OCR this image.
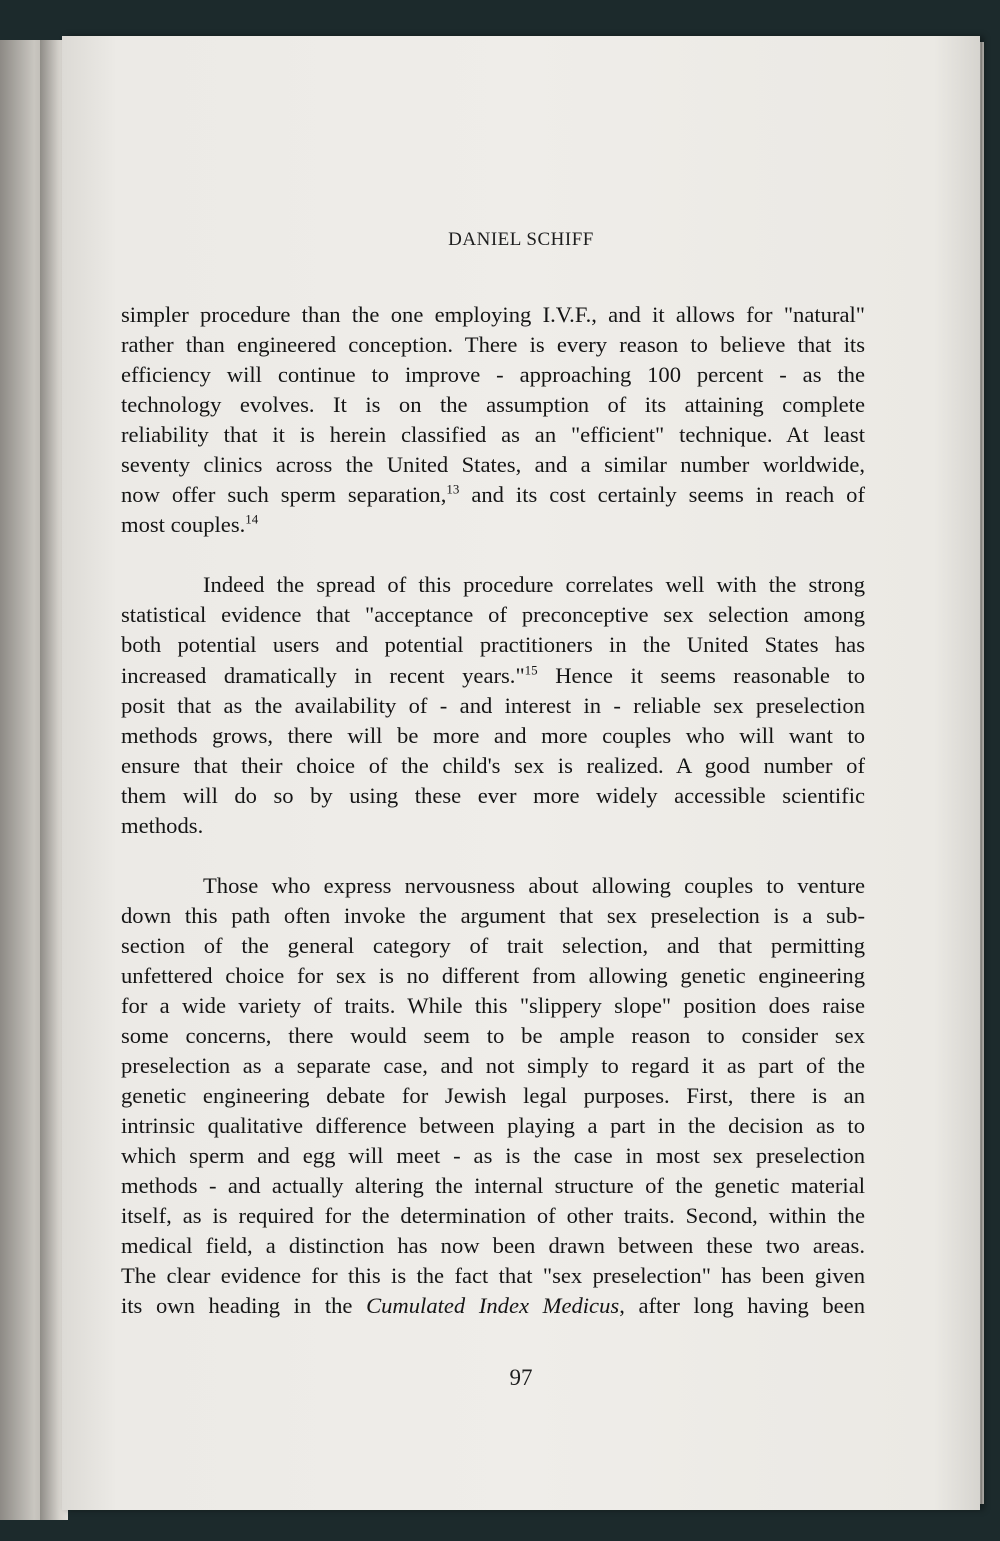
DANIEL SCHIFF

simpler procedure than the one employing I.V.F., and it allows for "natural"
rather than engineered conception. There is every reason to believe that its
efficiency will continue to improve - approaching 100 percent - as the
technology evolves. It is on the assumption of its attaining complete
reliability that it is herein classified as an "efficient" technique. At least
seventy clinics across the United States, and a similar number worldwide,
now offer such sperm separation,$^{13}$ and its cost certainly seems in reach of
most couples.$^{14}$

Indeed the spread of this procedure correlates well with the strong
statistical evidence that "acceptance of preconceptive sex selection among
both potential users and potential practitioners in the United States has
increased dramatically in recent years."$^{15}$ Hence it seems reasonable to
posit that as the availability of - and interest in - reliable sex preselection
methods grows, there will be more and more couples who will want to
ensure that their choice of the child's sex is realized. A good number of
them will do so by using these ever more widely accessible scientific
methods.

Those who express nervousness about allowing couples to venture
down this path often invoke the argument that sex preselection is a sub-
section of the general category of trait selection, and that permitting
unfettered choice for sex is no different from allowing genetic engineering
for a wide variety of traits. While this "slippery slope" position does raise
some concerns, there would seem to be ample reason to consider sex
preselection as a separate case, and not simply to regard it as part of the
genetic engineering debate for Jewish legal purposes. First, there is an
intrinsic qualitative difference between playing a part in the decision as to
which sperm and egg will meet - as is the case in most sex preselection
methods - and actually altering the internal structure of the genetic material
itself, as is required for the determination of other traits. Second, within the
medical field, a distinction has now been drawn between these two areas.
The clear evidence for this is the fact that "sex preselection" has been given
its own heading in the Cumulated Index Medicus, after long having been

97
